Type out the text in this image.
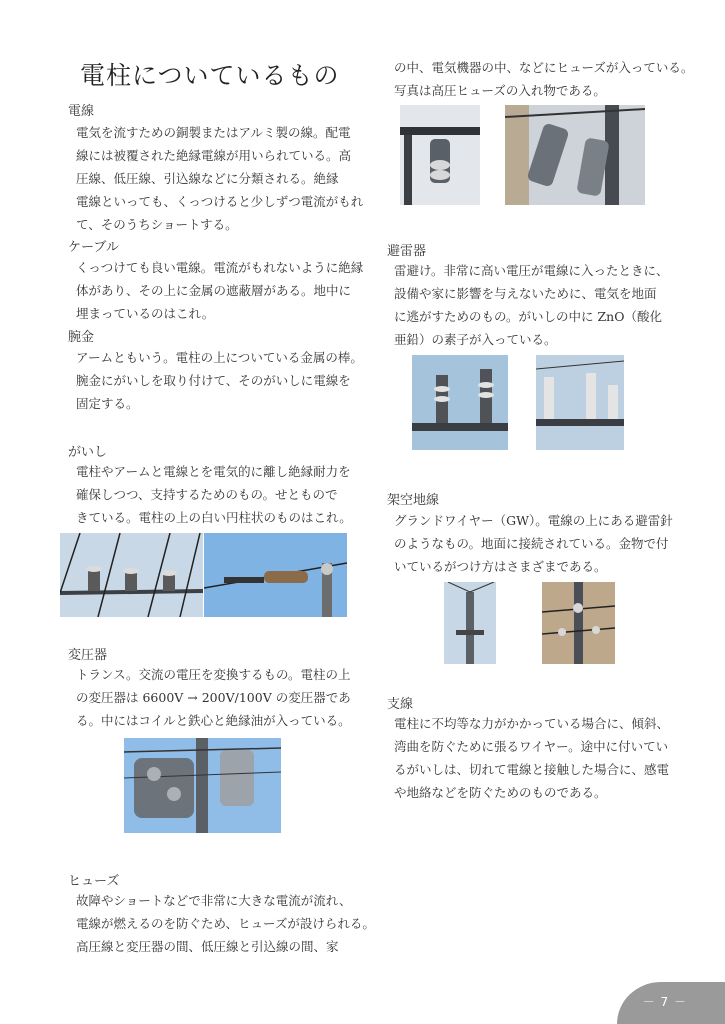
電柱についているもの
電線
電気を流すための銅製またはアルミ製の線。配電
線には被覆された絶縁電線が用いられている。高
圧線、低圧線、引込線などに分類される。絶縁
電線といっても、くっつけると少しずつ電流がもれ
て、そのうちショートする。
ケーブル
くっつけても良い電線。電流がもれないように絶縁
体があり、その上に金属の遮蔽層がある。地中に
埋まっているのはこれ。
腕金
アームともいう。電柱の上についている金属の棒。
腕金にがいしを取り付けて、そのがいしに電線を
固定する。
がいし
電柱やアームと電線とを電気的に離し絶縁耐力を
確保しつつ、支持するためのもの。せともので
きている。電柱の上の白い円柱状のものはこれ。
変圧器
トランス。交流の電圧を変換するもの。電柱の上
の変圧器は 6600V → 200V/100V の変圧器であ
る。中にはコイルと鉄心と絶縁油が入っている。
ヒューズ
故障やショートなどで非常に大きな電流が流れ、
電線が燃えるのを防ぐため、ヒューズが設けられる。
高圧線と変圧器の間、低圧線と引込線の間、家
の中、電気機器の中、などにヒューズが入っている。
写真は高圧ヒューズの入れ物である。
避雷器
雷避け。非常に高い電圧が電線に入ったときに、
設備や家に影響を与えないために、電気を地面
に逃がすためのもの。がいしの中に ZnO（酸化
亜鉛）の素子が入っている。
架空地線
グランドワイヤー（GW）。電線の上にある避雷針
のようなもの。地面に接続されている。金物で付
いているがつけ方はさまざまである。
支線
電柱に不均等な力がかかっている場合に、傾斜、
湾曲を防ぐために張るワイヤー。途中に付いてい
るがいしは、切れて電線と接触した場合に、感電
や地絡などを防ぐためのものである。
－ 7 －
